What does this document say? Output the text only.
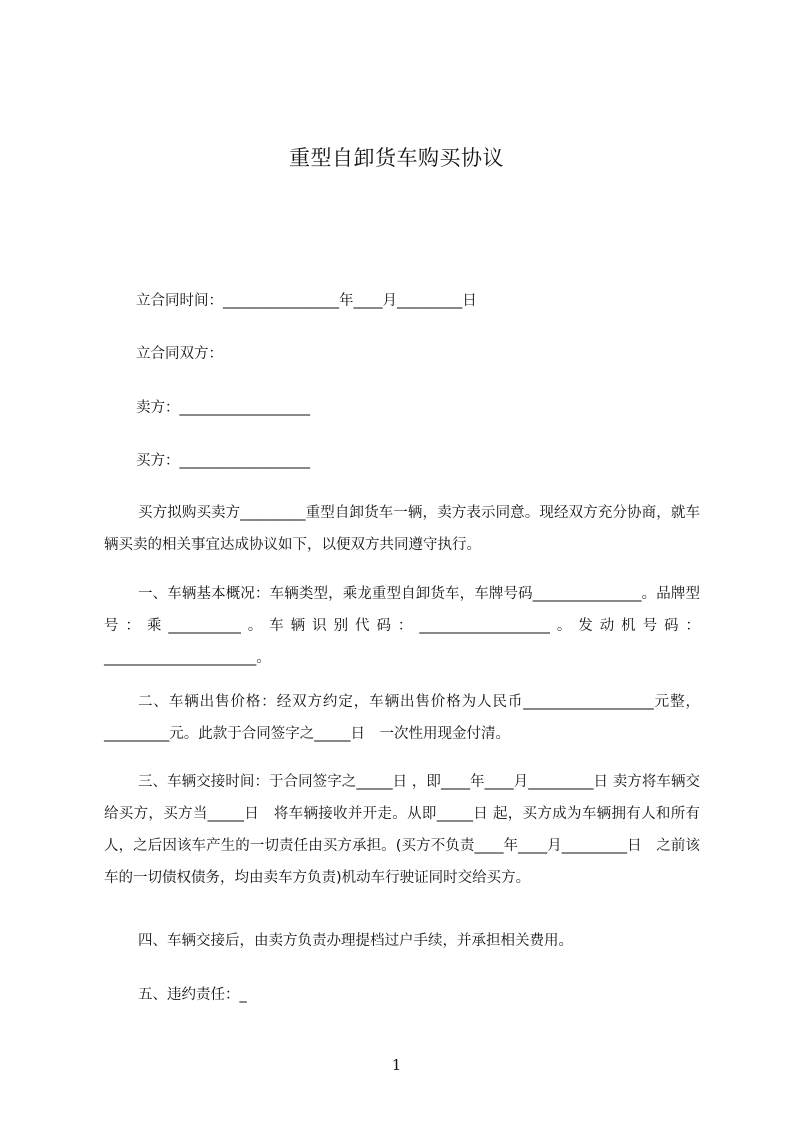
重型自卸货车购买协议
立合同时间：________________年____月_________日
立合同双方：
卖方：__________________
买方：__________________

买方拟购买卖方_________重型自卸货车一辆，卖方表示同意。现经双方充分协商，就车辆买卖的相关事宜达成协议如下，以便双方共同遵守执行。

一、车辆基本概况：车辆类型，乘龙重型自卸货车，车牌号码_______________。品牌型号：乘__________。车辆识别代码：__________________。发动机号码：_____________________。

二、车辆出售价格：经双方约定，车辆出售价格为人民币__________________元整，_________元。此款于合同签字之_____日　一次性用现金付清。

三、车辆交接时间：于合同签字之_____日 ，即____年____月_________日 卖方将车辆交给买方，买方当_____日　将车辆接收并开走。从即_____日 起，买方成为车辆拥有人和所有人，之后因该车产生的一切责任由买方承担。(买方不负责____年____月_________日　之前该车的一切债权债务，均由卖车方负责)机动车行驶证同时交给买方。

四、车辆交接后，由卖方负责办理提档过户手续，并承担相关费用。

五、违约责任：_

1
